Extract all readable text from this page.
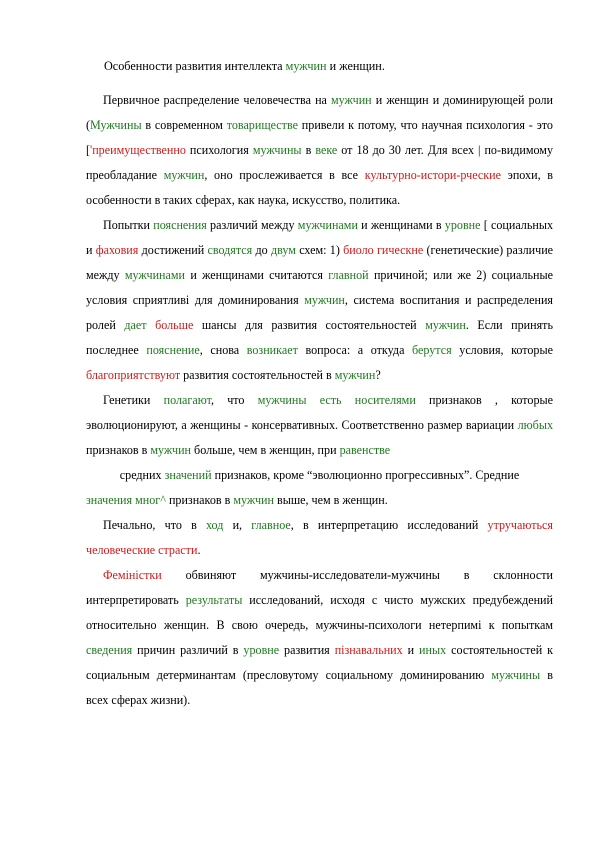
Особенности развития интеллекта мужчин и женщин.

Первичное распределение человечества на мужчин и женщин и доминирующей роли (Мужчины в современном товариществе привели к потому, что научная психология - это ['преимущественно психология мужчины в веке от 18 до 30 лет. Для всех | по-видимому преобладание мужчин, оно прослеживается в все культурно-истори-рческие эпохи, в особенности в таких сферах, как наука, искусство, политика.

Попытки пояснения различий между мужчинами и женщинами в уровне [ социальных и фаховия достижений сводятся до двум схем: 1) биоло гическне (генетические) различие между мужчинами и женщинами считаются главной причиной; или же 2) социальные условия сприятливі для доминирования мужчин, система воспитания и распределения ролей дает больше шансы для развития состоятельностей мужчин. Если принять последнее пояснение, снова возникает вопроса: а откуда берутся условия, которые благоприятствуют развития состоятельностей в мужчин?

Генетики полагают, что мужчины есть носителями признаков , которые эволюционируют, а женщины - консервативных. Соответственно размер вариации любых признаков в мужчин больше, чем в женщин, при равенстве

средних значений признаков, кроме “эволюционно прогрессивных”. Средние

значения мног^ признаков в мужчин выше, чем в женщин.

Печально, что в ход и, главное, в интерпретацию исследований утручаються человеческие страсти.

Феміністки обвиняют мужчины-исследователи-мужчины в склонности интерпретировать результаты исследований, исходя с чисто мужских предубеждений относительно женщин. В свою очередь, мужчины-психологи нетерпимі к попыткам сведения причин различий в уровне развития пізнавальних и иных состоятельностей к социальным детерминантам (пресловутому социальному доминированию мужчины в всех сферах жизни).
